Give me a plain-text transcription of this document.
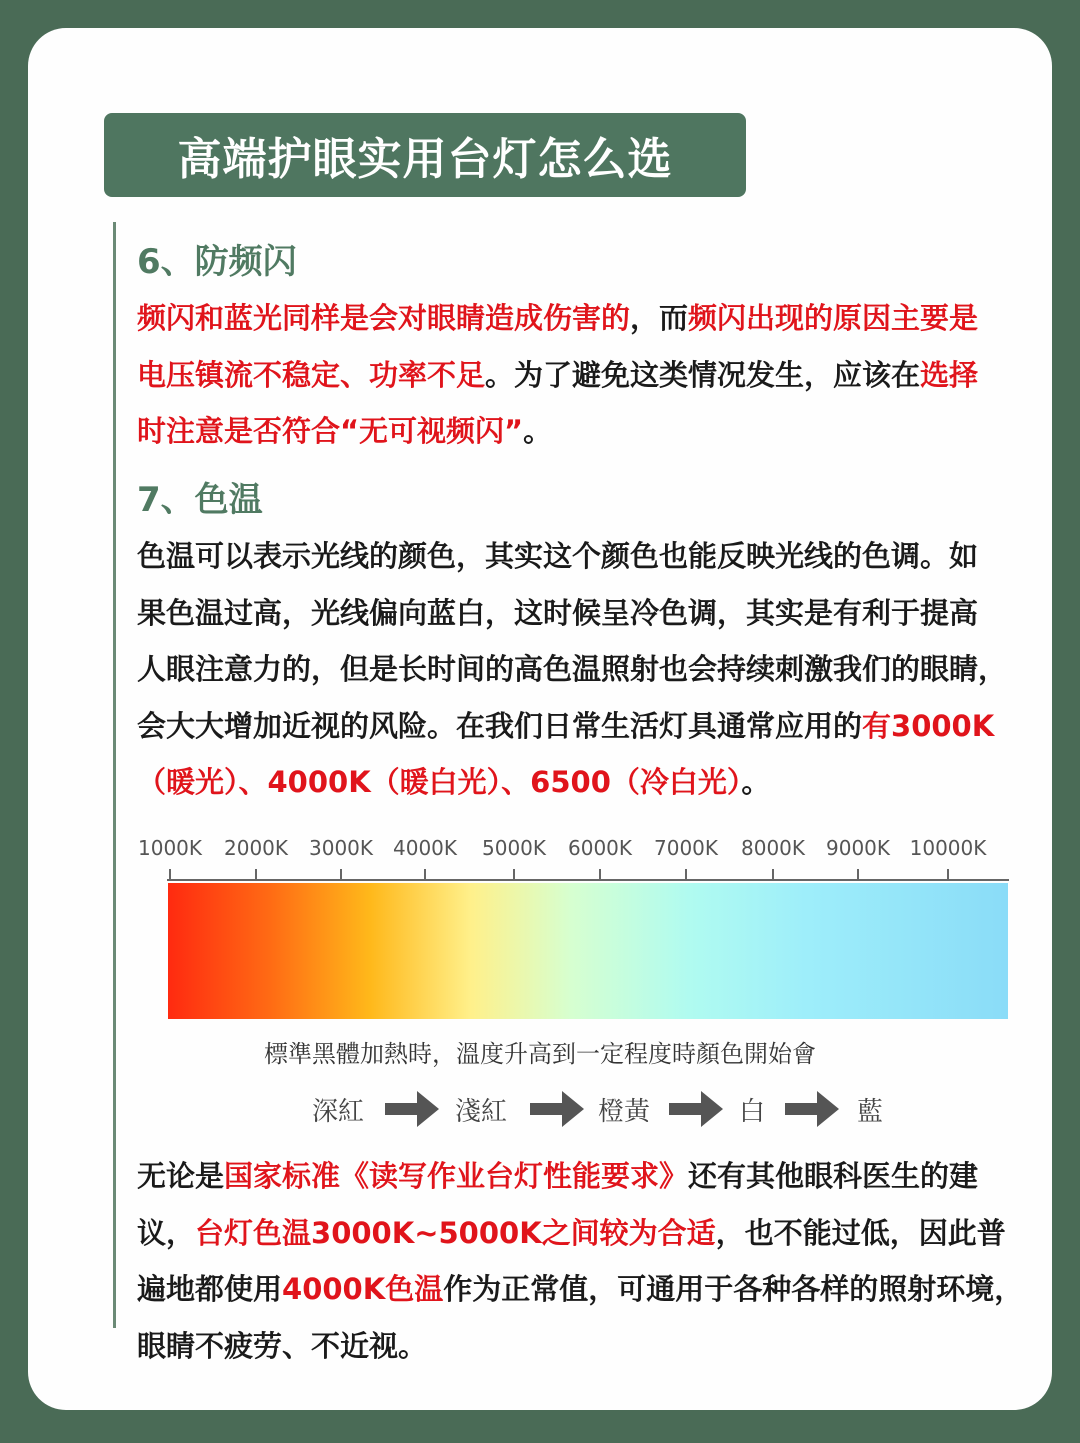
高端护眼实用台灯怎么选
6、防频闪
频闪和蓝光同样是会对眼睛造成伤害的，而频闪出现的原因主要是
电压镇流不稳定、功率不足。为了避免这类情况发生，应该在选择
时注意是否符合“无可视频闪”。
7、色温
色温可以表示光线的颜色，其实这个颜色也能反映光线的色调。如
果色温过高，光线偏向蓝白，这时候呈冷色调，其实是有利于提高
人眼注意力的，但是长时间的高色温照射也会持续刺激我们的眼睛，
会大大增加近视的风险。在我们日常生活灯具通常应用的有3000K
（暖光）、4000K（暖白光）、6500（冷白光）。
1000K 2000K 3000K 4000K 5000K 6000K 7000K 8000K 9000K 10000K
標準黑體加熱時，溫度升高到一定程度時顏色開始會
深紅	淺紅	橙黃	白	藍
无论是国家标准《读写作业台灯性能要求》还有其他眼科医生的建
议，台灯色温3000K~5000K之间较为合适，也不能过低，因此普
遍地都使用4000K色温作为正常值，可通用于各种各样的照射环境，
眼睛不疲劳、不近视。
